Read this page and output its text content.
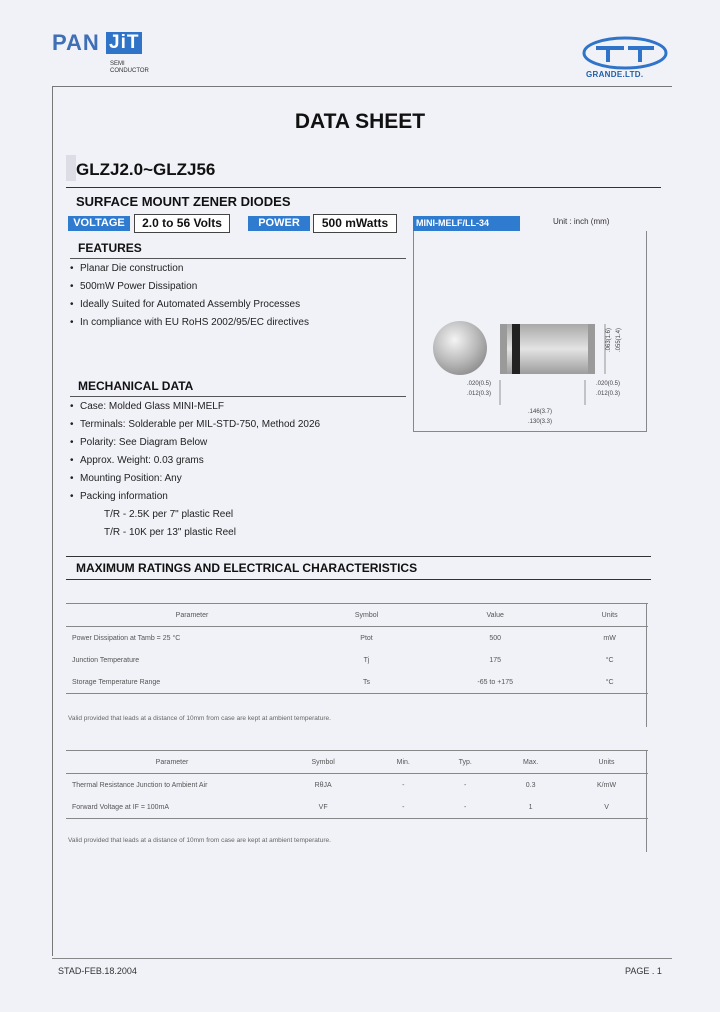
PAN JiT
SEMI
CONDUCTOR	GRANDE.LTD.
DATA SHEET
GLZJ2.0~GLZJ56
SURFACE MOUNT ZENER DIODES
VOLTAGE	2.0 to 56 Volts	POWER	500 mWatts	MINI-MELF/LL-34	Unit : inch (mm)
.020(0.5)
.012(0.3)
.146(3.7)
.130(3.3)
.020(0.5)
.012(0.3)
.063(1.6) .055(1.4)
FEATURES
• Planar Die construction
• 500mW Power Dissipation
• Ideally Suited for Automated Assembly Processes
• In compliance with EU RoHS 2002/95/EC directives
MECHANICAL DATA
• Case: Molded Glass MINI-MELF
• Terminals: Solderable per MIL-STD-750, Method 2026
• Polarity: See Diagram Below
• Approx. Weight: 0.03 grams
• Mounting Position: Any
• Packing information
T/R - 2.5K per 7" plastic Reel
T/R - 10K per 13" plastic Reel
MAXIMUM RATINGS AND ELECTRICAL CHARACTERISTICS
Parameter	Symbol	Value	Units
Power Dissipation at Tamb = 25 °C	Ptot	500	mW
Junction Temperature	Tj	175	°C
Storage Temperature Range	Ts	-65 to +175	°C
Valid provided that leads at a distance of 10mm from case are kept at ambient temperature.
Parameter	Symbol	Min.	Typ.	Max.	Units
Thermal Resistance Junction to Ambient Air	RθJA	-	-	0.3	K/mW
Forward Voltage at IF = 100mA	VF	-	-	1	V
Valid provided that leads at a distance of 10mm from case are kept at ambient temperature.
STAD-FEB.18.2004	PAGE . 1
